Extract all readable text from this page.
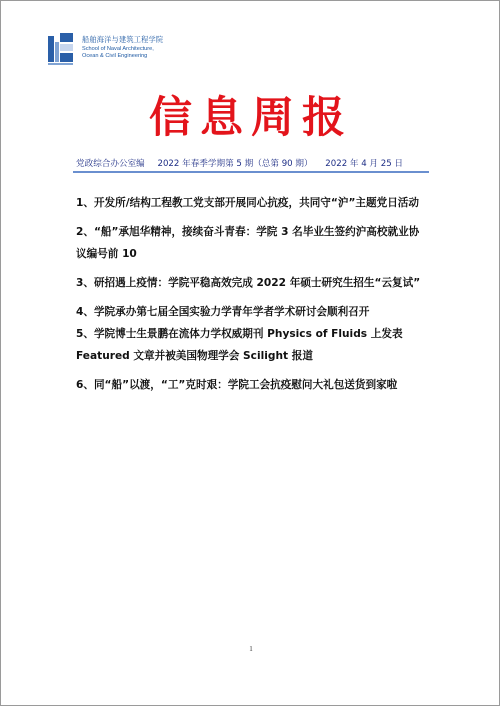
船舶海洋与建筑工程学院
School of Naval Architecture,
Ocean & Civil Engineering
信息周报
党政综合办公室编 2022 年春季学期第 5 期（总第 90 期） 2022 年 4 月 25 日
1、开发所/结构工程教工党支部开展同心抗疫，共同守“沪”主题党日活动
2、“船”承旭华精神，接续奋斗青春：学院 3 名毕业生签约沪高校就业协议编号前 10
3、研招遇上疫情：学院平稳高效完成 2022 年硕士研究生招生“云复试”
4、学院承办第七届全国实验力学青年学者学术研讨会顺利召开
5、学院博士生景鹏在流体力学权威期刊 Physics of Fluids 上发表 Featured 文章并被美国物理学会 Scilight 报道
6、同“船”以渡，“工”克时艰：学院工会抗疫慰问大礼包送货到家啦
1
